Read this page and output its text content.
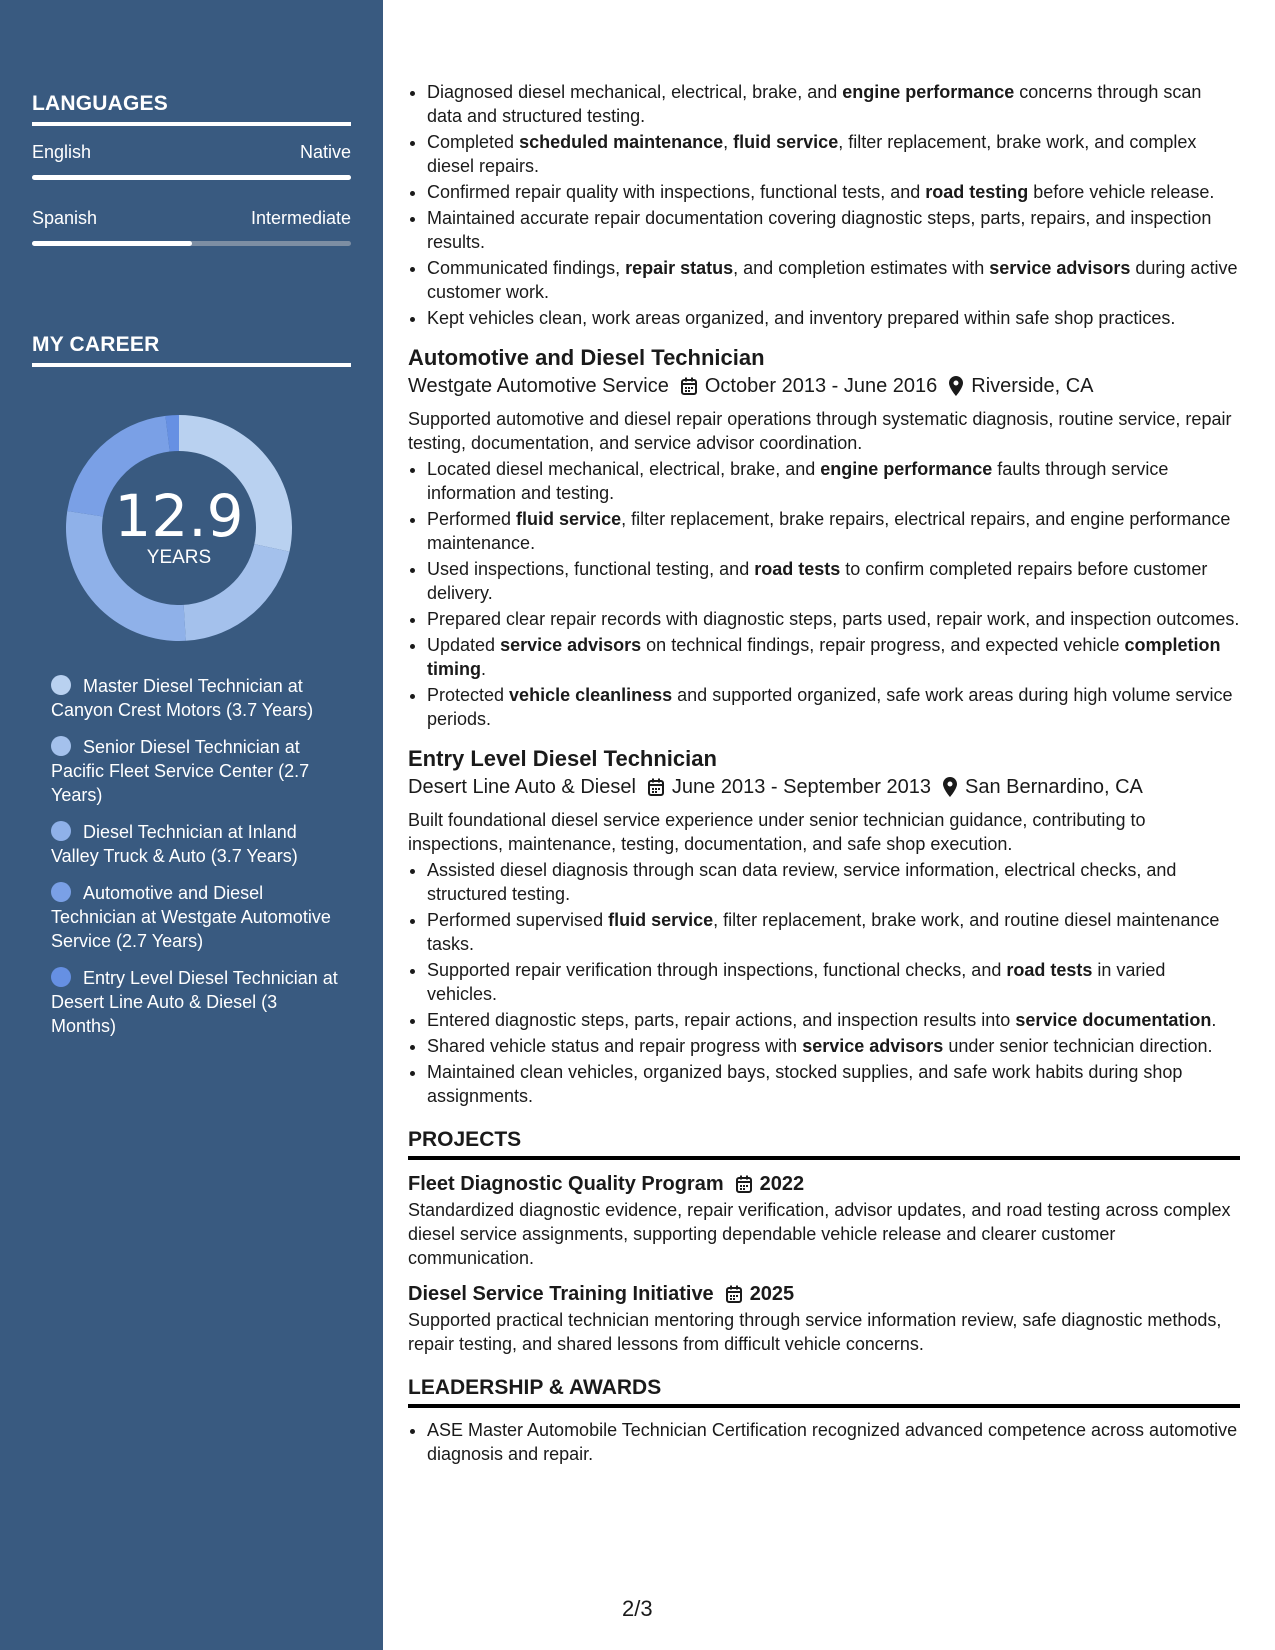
LANGUAGES
English	Native
Spanish	Intermediate
MY CAREER
12.9
YEARS
Master Diesel Technician at Canyon Crest Motors (3.7 Years)
Senior Diesel Technician at Pacific Fleet Service Center (2.7 Years)
Diesel Technician at Inland Valley Truck & Auto (3.7 Years)
Automotive and Diesel Technician at Westgate Automotive Service (2.7 Years)
Entry Level Diesel Technician at Desert Line Auto & Diesel (3 Months)
• Diagnosed diesel mechanical, electrical, brake, and engine performance concerns through scan data and structured testing.
• Completed scheduled maintenance, fluid service, filter replacement, brake work, and complex diesel repairs.
• Confirmed repair quality with inspections, functional tests, and road testing before vehicle release.
• Maintained accurate repair documentation covering diagnostic steps, parts, repairs, and inspection results.
• Communicated findings, repair status, and completion estimates with service advisors during active customer work.
• Kept vehicles clean, work areas organized, and inventory prepared within safe shop practices.
Automotive and Diesel Technician
Westgate Automotive Service October 2013 - June 2016 Riverside, CA
Supported automotive and diesel repair operations through systematic diagnosis, routine service, repair testing, documentation, and service advisor coordination.
• Located diesel mechanical, electrical, brake, and engine performance faults through service information and testing.
• Performed fluid service, filter replacement, brake repairs, electrical repairs, and engine performance maintenance.
• Used inspections, functional testing, and road tests to confirm completed repairs before customer delivery.
• Prepared clear repair records with diagnostic steps, parts used, repair work, and inspection outcomes.
• Updated service advisors on technical findings, repair progress, and expected vehicle completion timing.
• Protected vehicle cleanliness and supported organized, safe work areas during high volume service periods.
Entry Level Diesel Technician
Desert Line Auto & Diesel June 2013 - September 2013 San Bernardino, CA
Built foundational diesel service experience under senior technician guidance, contributing to inspections, maintenance, testing, documentation, and safe shop execution.
• Assisted diesel diagnosis through scan data review, service information, electrical checks, and structured testing.
• Performed supervised fluid service, filter replacement, brake work, and routine diesel maintenance tasks.
• Supported repair verification through inspections, functional checks, and road tests in varied vehicles.
• Entered diagnostic steps, parts, repair actions, and inspection results into service documentation.
• Shared vehicle status and repair progress with service advisors under senior technician direction.
• Maintained clean vehicles, organized bays, stocked supplies, and safe work habits during shop assignments.
PROJECTS
Fleet Diagnostic Quality Program 2022
Standardized diagnostic evidence, repair verification, advisor updates, and road testing across complex diesel service assignments, supporting dependable vehicle release and clearer customer communication.
Diesel Service Training Initiative 2025
Supported practical technician mentoring through service information review, safe diagnostic methods, repair testing, and shared lessons from difficult vehicle concerns.
LEADERSHIP & AWARDS
• ASE Master Automobile Technician Certification recognized advanced competence across automotive diagnosis and repair.
2/3
